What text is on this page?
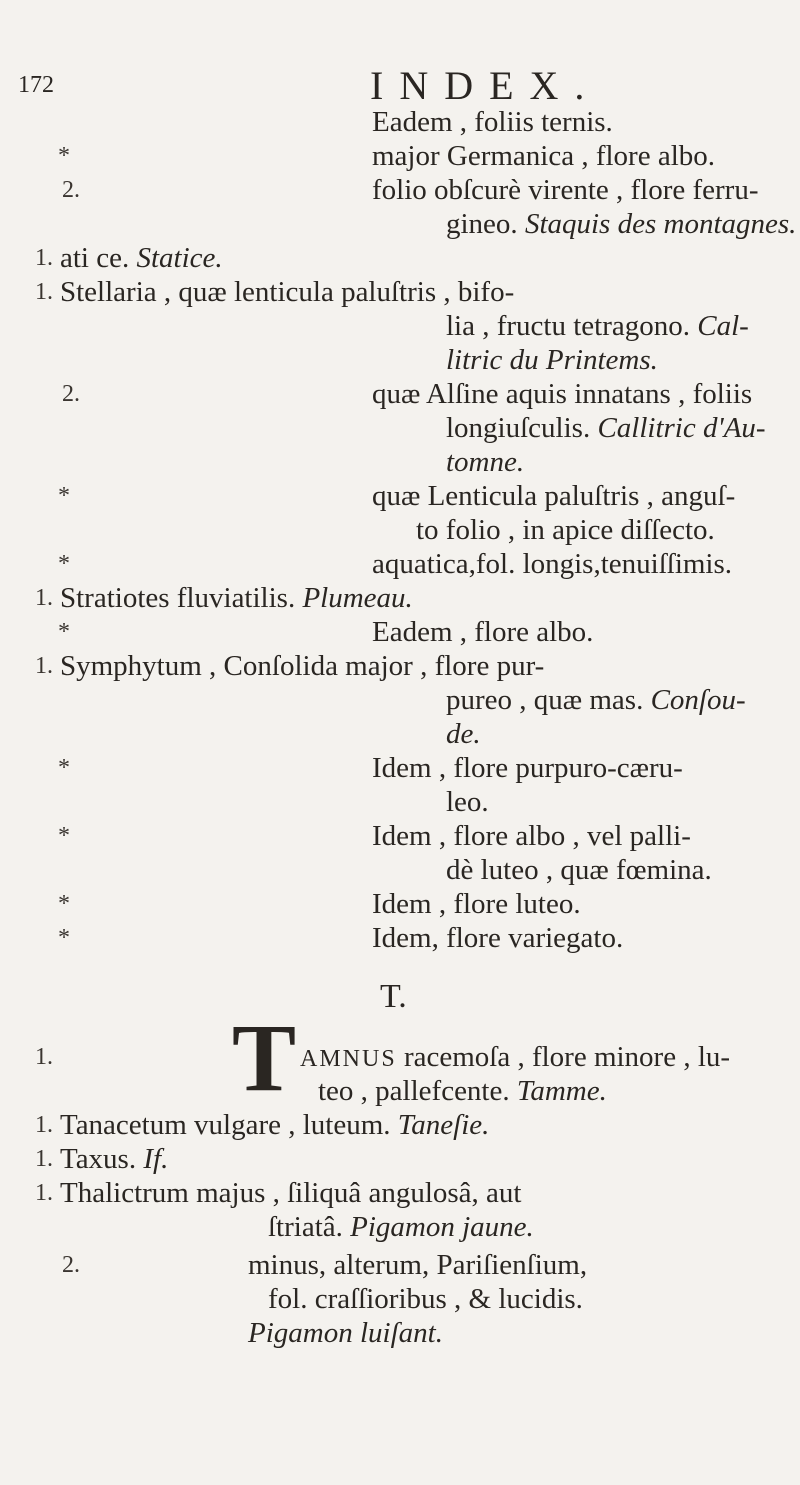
172	INDEX.
Eadem , foliis ternis.
*	major Germanica , flore albo.
2.	folio obſcurè virente , flore ferru-
gineo. Staquis des montagnes.
1. ati ce. Statice.
1. Stellaria , quæ lenticula paluſtris , bifo-
lia , fructu tetragono. Cal-
litric du Printems.
2.	quæ Alſine aquis innatans , foliis
longiuſculis. Callitric d'Au-
tomne.
*	quæ Lenticula paluſtris , anguſ-
to folio , in apice diſſecto.
*	aquatica,fol. longis,tenuiſſimis.
1. Stratiotes fluviatilis. Plumeau.
*	Eadem , flore albo.
1. Symphytum , Conſolida major , flore pur-
pureo , quæ mas. Conſou-
de.
*	Idem , flore purpuro-cæru-
leo.
*	Idem , flore albo , vel palli-
dè luteo , quæ fœmina.
*	Idem , flore luteo.
*	Idem, flore variegato.
T.
T
1.	AMNUS racemoſa , flore minore , lu-
teo , pallefcente. Tamme.
1. Tanacetum vulgare , luteum. Taneſie.
1. Taxus. If.
1. Thalictrum majus , ſiliquâ angulosâ, aut
ſtriatâ. Pigamon jaune.
2.	minus, alterum, Pariſienſium,
fol. craſſioribus , & lucidis.
Pigamon luiſant.
